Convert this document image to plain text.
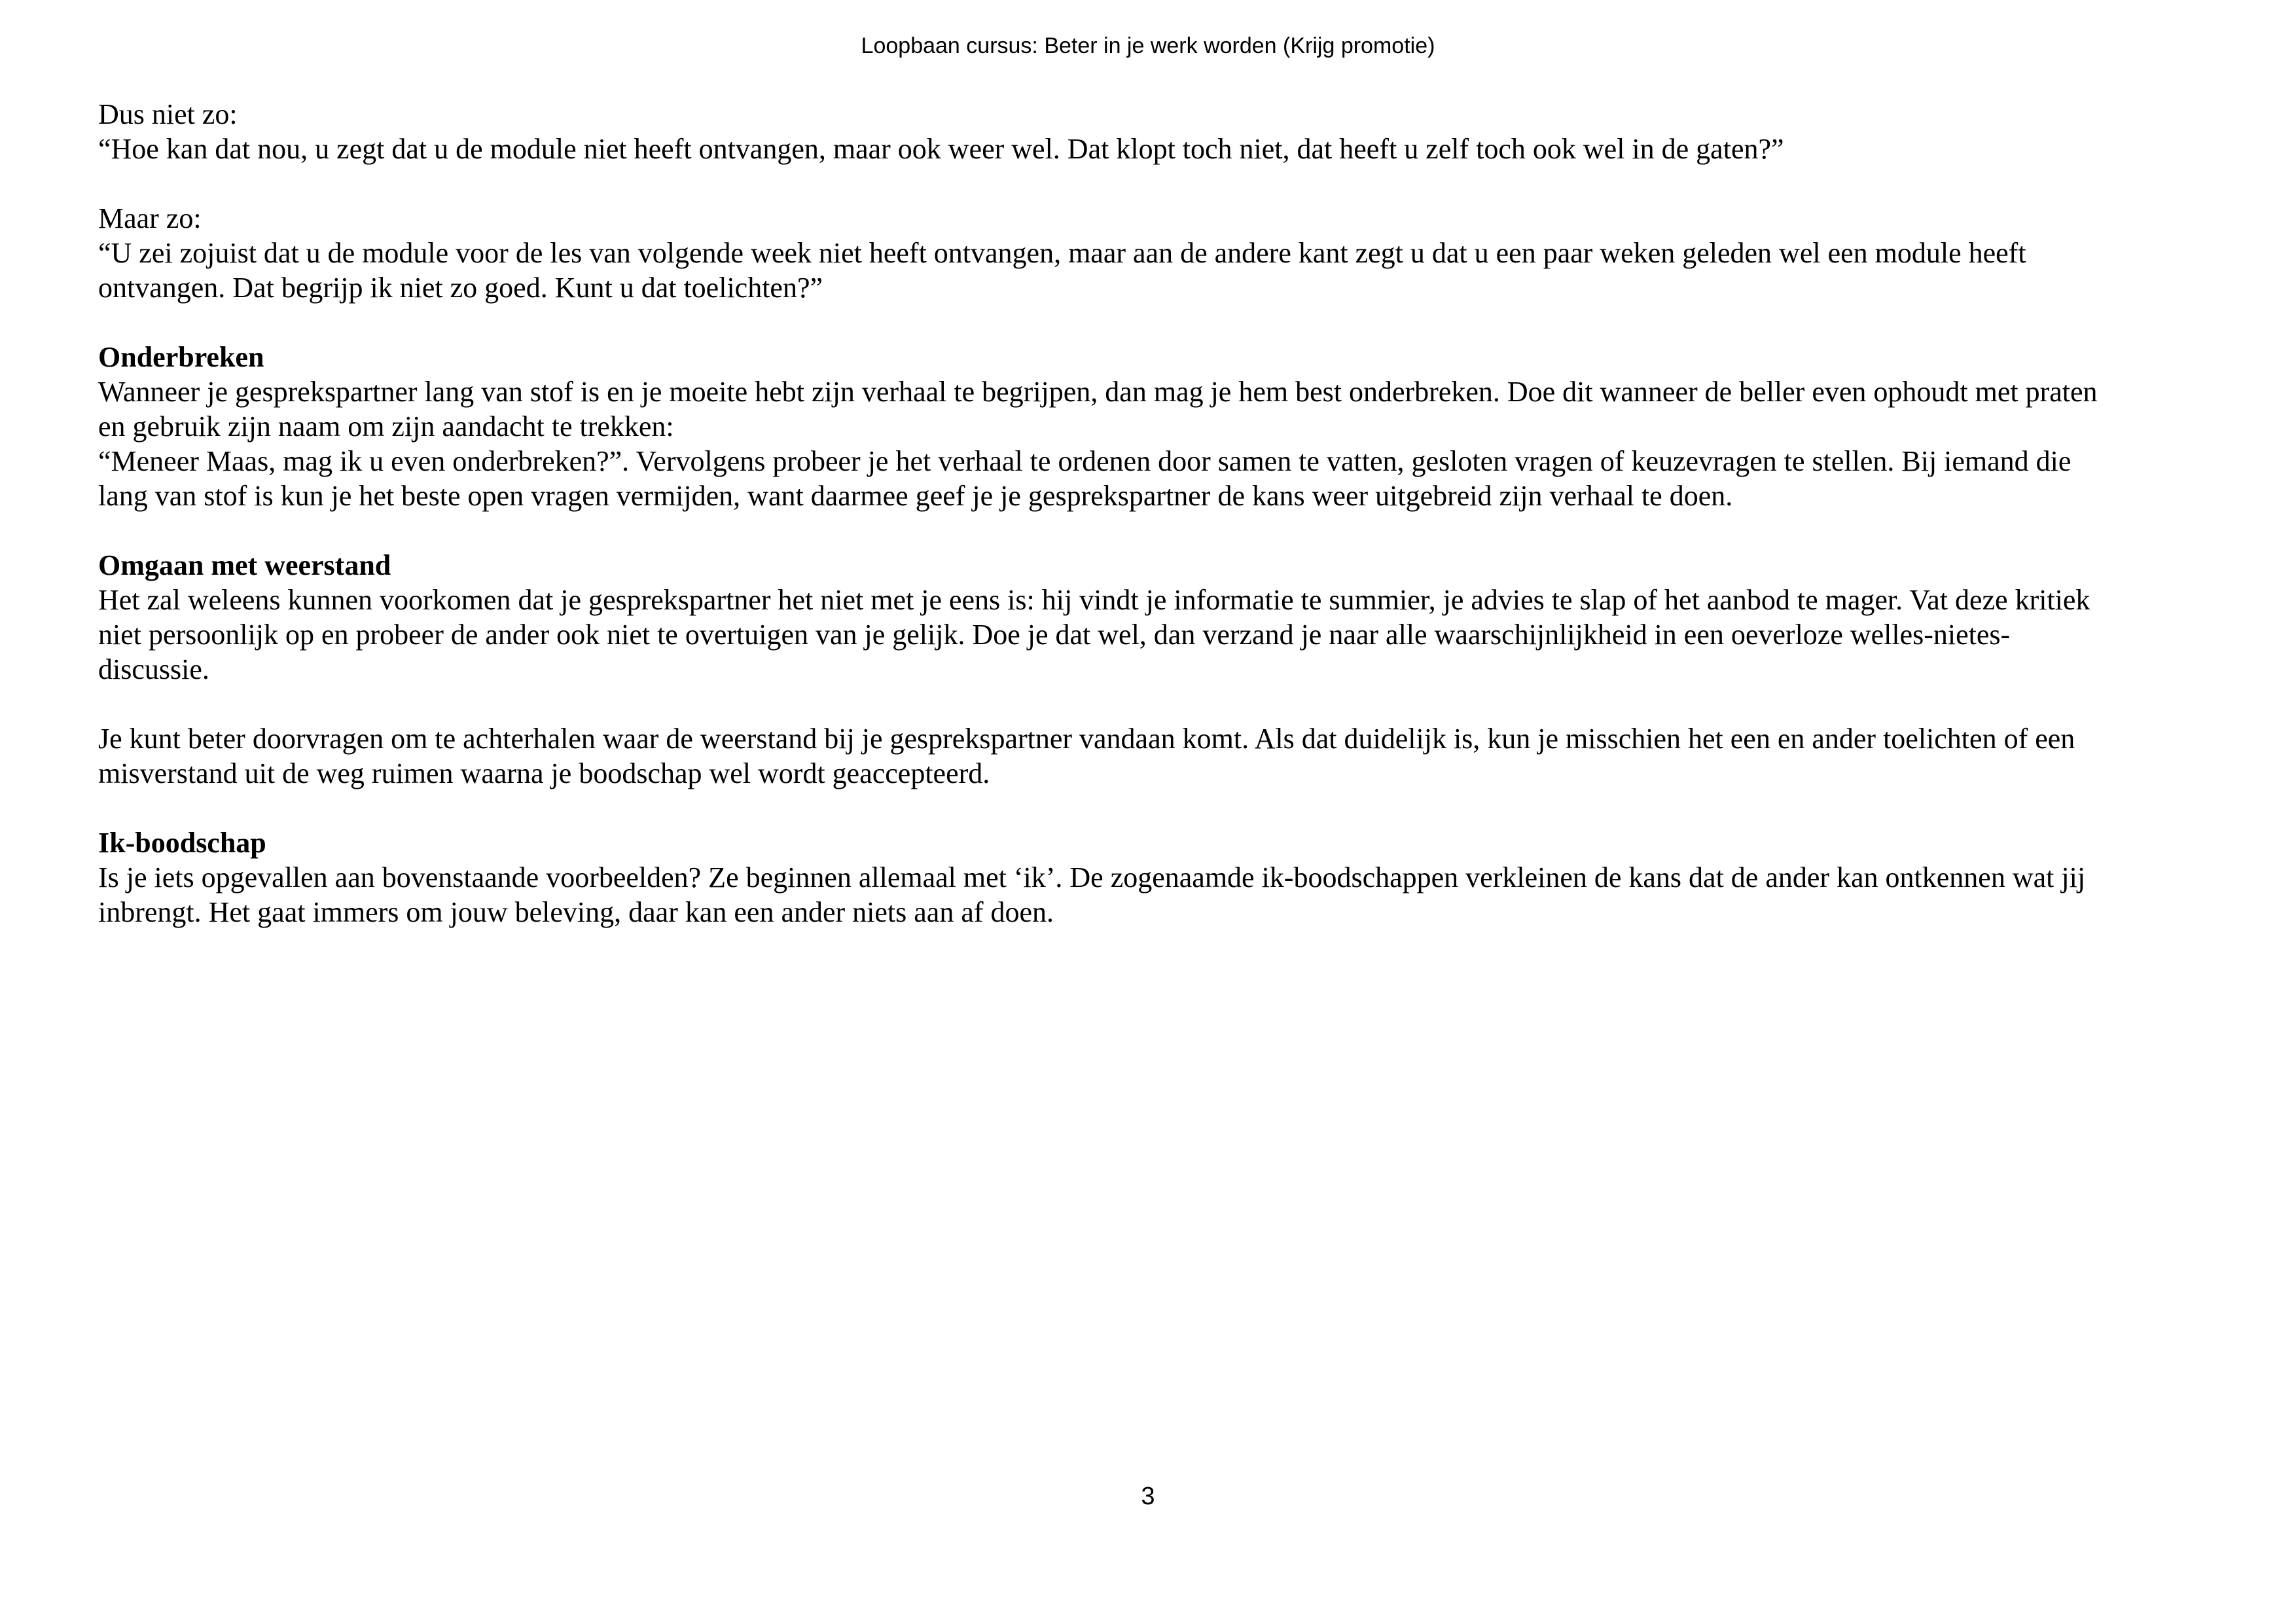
Loopbaan cursus: Beter in je werk worden (Krijg promotie)

Dus niet zo:

“Hoe kan dat nou, u zegt dat u de module niet heeft ontvangen, maar ook weer wel. Dat klopt toch niet, dat heeft u zelf toch ook wel in de gaten?”

Maar zo:

“U zei zojuist dat u de module voor de les van volgende week niet heeft ontvangen, maar aan de andere kant zegt u dat u een paar weken geleden wel een module heeft

ontvangen. Dat begrijp ik niet zo goed. Kunt u dat toelichten?”

Onderbreken

Wanneer je gesprekspartner lang van stof is en je moeite hebt zijn verhaal te begrijpen, dan mag je hem best onderbreken. Doe dit wanneer de beller even ophoudt met praten

en gebruik zijn naam om zijn aandacht te trekken:

“Meneer Maas, mag ik u even onderbreken?”. Vervolgens probeer je het verhaal te ordenen door samen te vatten, gesloten vragen of keuzevragen te stellen. Bij iemand die

lang van stof is kun je het beste open vragen vermijden, want daarmee geef je je gesprekspartner de kans weer uitgebreid zijn verhaal te doen.

Omgaan met weerstand

Het zal weleens kunnen voorkomen dat je gesprekspartner het niet met je eens is: hij vindt je informatie te summier, je advies te slap of het aanbod te mager. Vat deze kritiek

niet persoonlijk op en probeer de ander ook niet te overtuigen van je gelijk. Doe je dat wel, dan verzand je naar alle waarschijnlijkheid in een oeverloze welles-nietes-

discussie.

Je kunt beter doorvragen om te achterhalen waar de weerstand bij je gesprekspartner vandaan komt. Als dat duidelijk is, kun je misschien het een en ander toelichten of een

misverstand uit de weg ruimen waarna je boodschap wel wordt geaccepteerd.

Ik-boodschap

Is je iets opgevallen aan bovenstaande voorbeelden? Ze beginnen allemaal met ‘ik’. De zogenaamde ik-boodschappen verkleinen de kans dat de ander kan ontkennen wat jij

inbrengt. Het gaat immers om jouw beleving, daar kan een ander niets aan af doen.

3
